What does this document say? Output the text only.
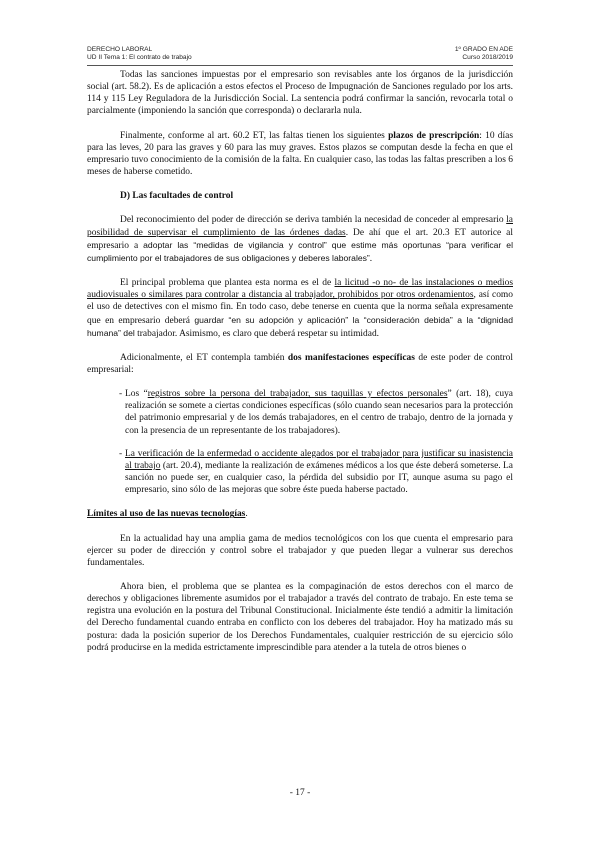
DERECHO LABORAL
UD II Tema 1: El contrato de trabajo
1º GRADO EN ADE
Curso 2018/2019

Todas las sanciones impuestas por el empresario son revisables ante los órganos de la jurisdicción social (art. 58.2). Es de aplicación a estos efectos el Proceso de Impugnación de Sanciones regulado por los arts. 114 y 115 Ley Reguladora de la Jurisdicción Social. La sentencia podrá confirmar la sanción, revocarla total o parcialmente (imponiendo la sanción que corresponda) o declararla nula.

Finalmente, conforme al art. 60.2 ET, las faltas tienen los siguientes plazos de prescripción: 10 días para las leves, 20 para las graves y 60 para las muy graves. Estos plazos se computan desde la fecha en que el empresario tuvo conocimiento de la comisión de la falta. En cualquier caso, las todas las faltas prescriben a los 6 meses de haberse cometido.

D) Las facultades de control

Del reconocimiento del poder de dirección se deriva también la necesidad de conceder al empresario la posibilidad de supervisar el cumplimiento de las órdenes dadas. De ahí que el art. 20.3 ET autorice al empresario a adoptar las “medidas de vigilancia y control” que estime más oportunas “para verificar el cumplimiento por el trabajadores de sus obligaciones y deberes laborales”.

El principal problema que plantea esta norma es el de la licitud -o no- de las instalaciones o medios audiovisuales o similares para controlar a distancia al trabajador, prohibidos por otros ordenamientos, así como el uso de detectives con el mismo fin. En todo caso, debe tenerse en cuenta que la norma señala expresamente que en empresario deberá guardar “en su adopción y aplicación” la “consideración debida” a la “dignidad humana” del trabajador. Asimismo, es claro que deberá respetar su intimidad.

Adicionalmente, el ET contempla también dos manifestaciones específicas de este poder de control empresarial:

- Los “registros sobre la persona del trabajador, sus taquillas y efectos personales” (art. 18), cuya realización se somete a ciertas condiciones específicas (sólo cuando sean necesarios para la protección del patrimonio empresarial y de los demás trabajadores, en el centro de trabajo, dentro de la jornada y con la presencia de un representante de los trabajadores).
- La verificación de la enfermedad o accidente alegados por el trabajador para justificar su inasistencia al trabajo (art. 20.4), mediante la realización de exámenes médicos a los que éste deberá someterse. La sanción no puede ser, en cualquier caso, la pérdida del subsidio por IT, aunque asuma su pago el empresario, sino sólo de las mejoras que sobre éste pueda haberse pactado.
Límites al uso de las nuevas tecnologías.

En la actualidad hay una amplia gama de medios tecnológicos con los que cuenta el empresario para ejercer su poder de dirección y control sobre el trabajador y que pueden llegar a vulnerar sus derechos fundamentales.

Ahora bien, el problema que se plantea es la compaginación de estos derechos con el marco de derechos y obligaciones libremente asumidos por el trabajador a través del contrato de trabajo. En este tema se registra una evolución en la postura del Tribunal Constitucional. Inicialmente éste tendió a admitir la limitación del Derecho fundamental cuando entraba en conflicto con los deberes del trabajador. Hoy ha matizado más su postura: dada la posición superior de los Derechos Fundamentales, cualquier restricción de su ejercicio sólo podrá producirse en la medida estrictamente imprescindible para atender a la tutela de otros bienes o

- 17 -
